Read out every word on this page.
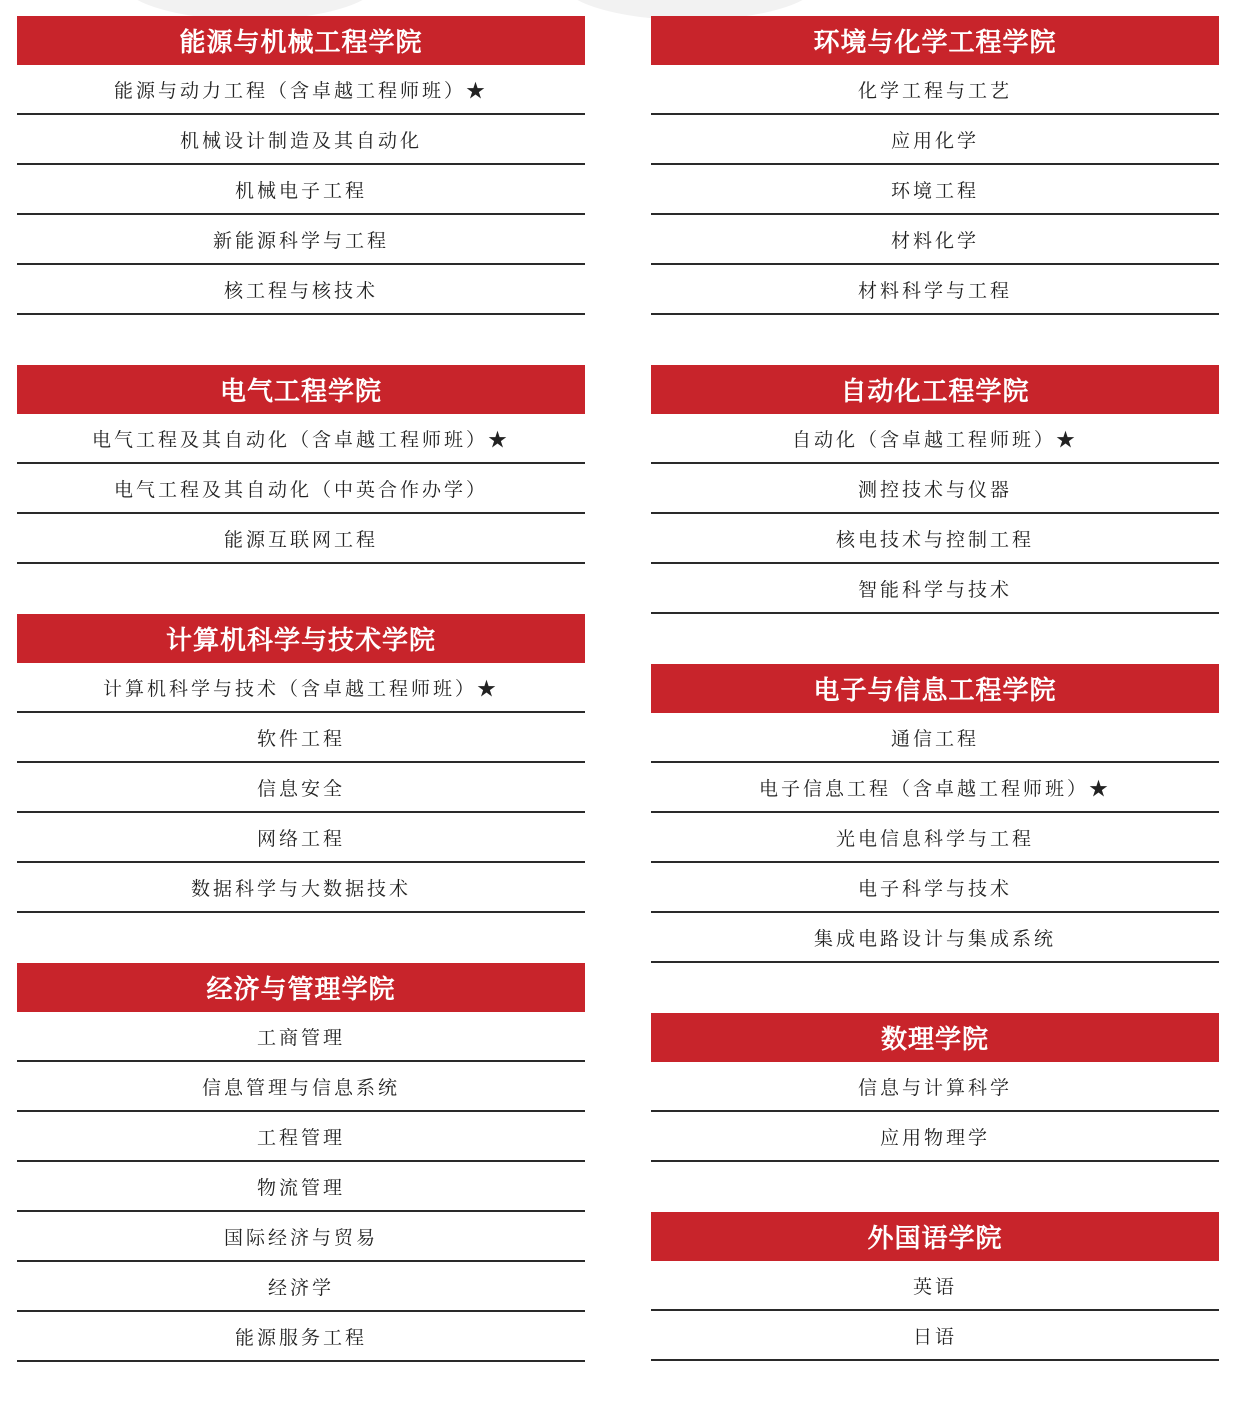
能源与机械工程学院
能源与动力工程（含卓越工程师班）★
机械设计制造及其自动化
机械电子工程
新能源科学与工程
核工程与核技术
电气工程学院
电气工程及其自动化（含卓越工程师班）★
电气工程及其自动化（中英合作办学）
能源互联网工程
计算机科学与技术学院
计算机科学与技术（含卓越工程师班）★
软件工程
信息安全
网络工程
数据科学与大数据技术
经济与管理学院
工商管理
信息管理与信息系统
工程管理
物流管理
国际经济与贸易
经济学
能源服务工程
环境与化学工程学院
化学工程与工艺
应用化学
环境工程
材料化学
材料科学与工程
自动化工程学院
自动化（含卓越工程师班）★
测控技术与仪器
核电技术与控制工程
智能科学与技术
电子与信息工程学院
通信工程
电子信息工程（含卓越工程师班）★
光电信息科学与工程
电子科学与技术
集成电路设计与集成系统
数理学院
信息与计算科学
应用物理学
外国语学院
英语
日语
